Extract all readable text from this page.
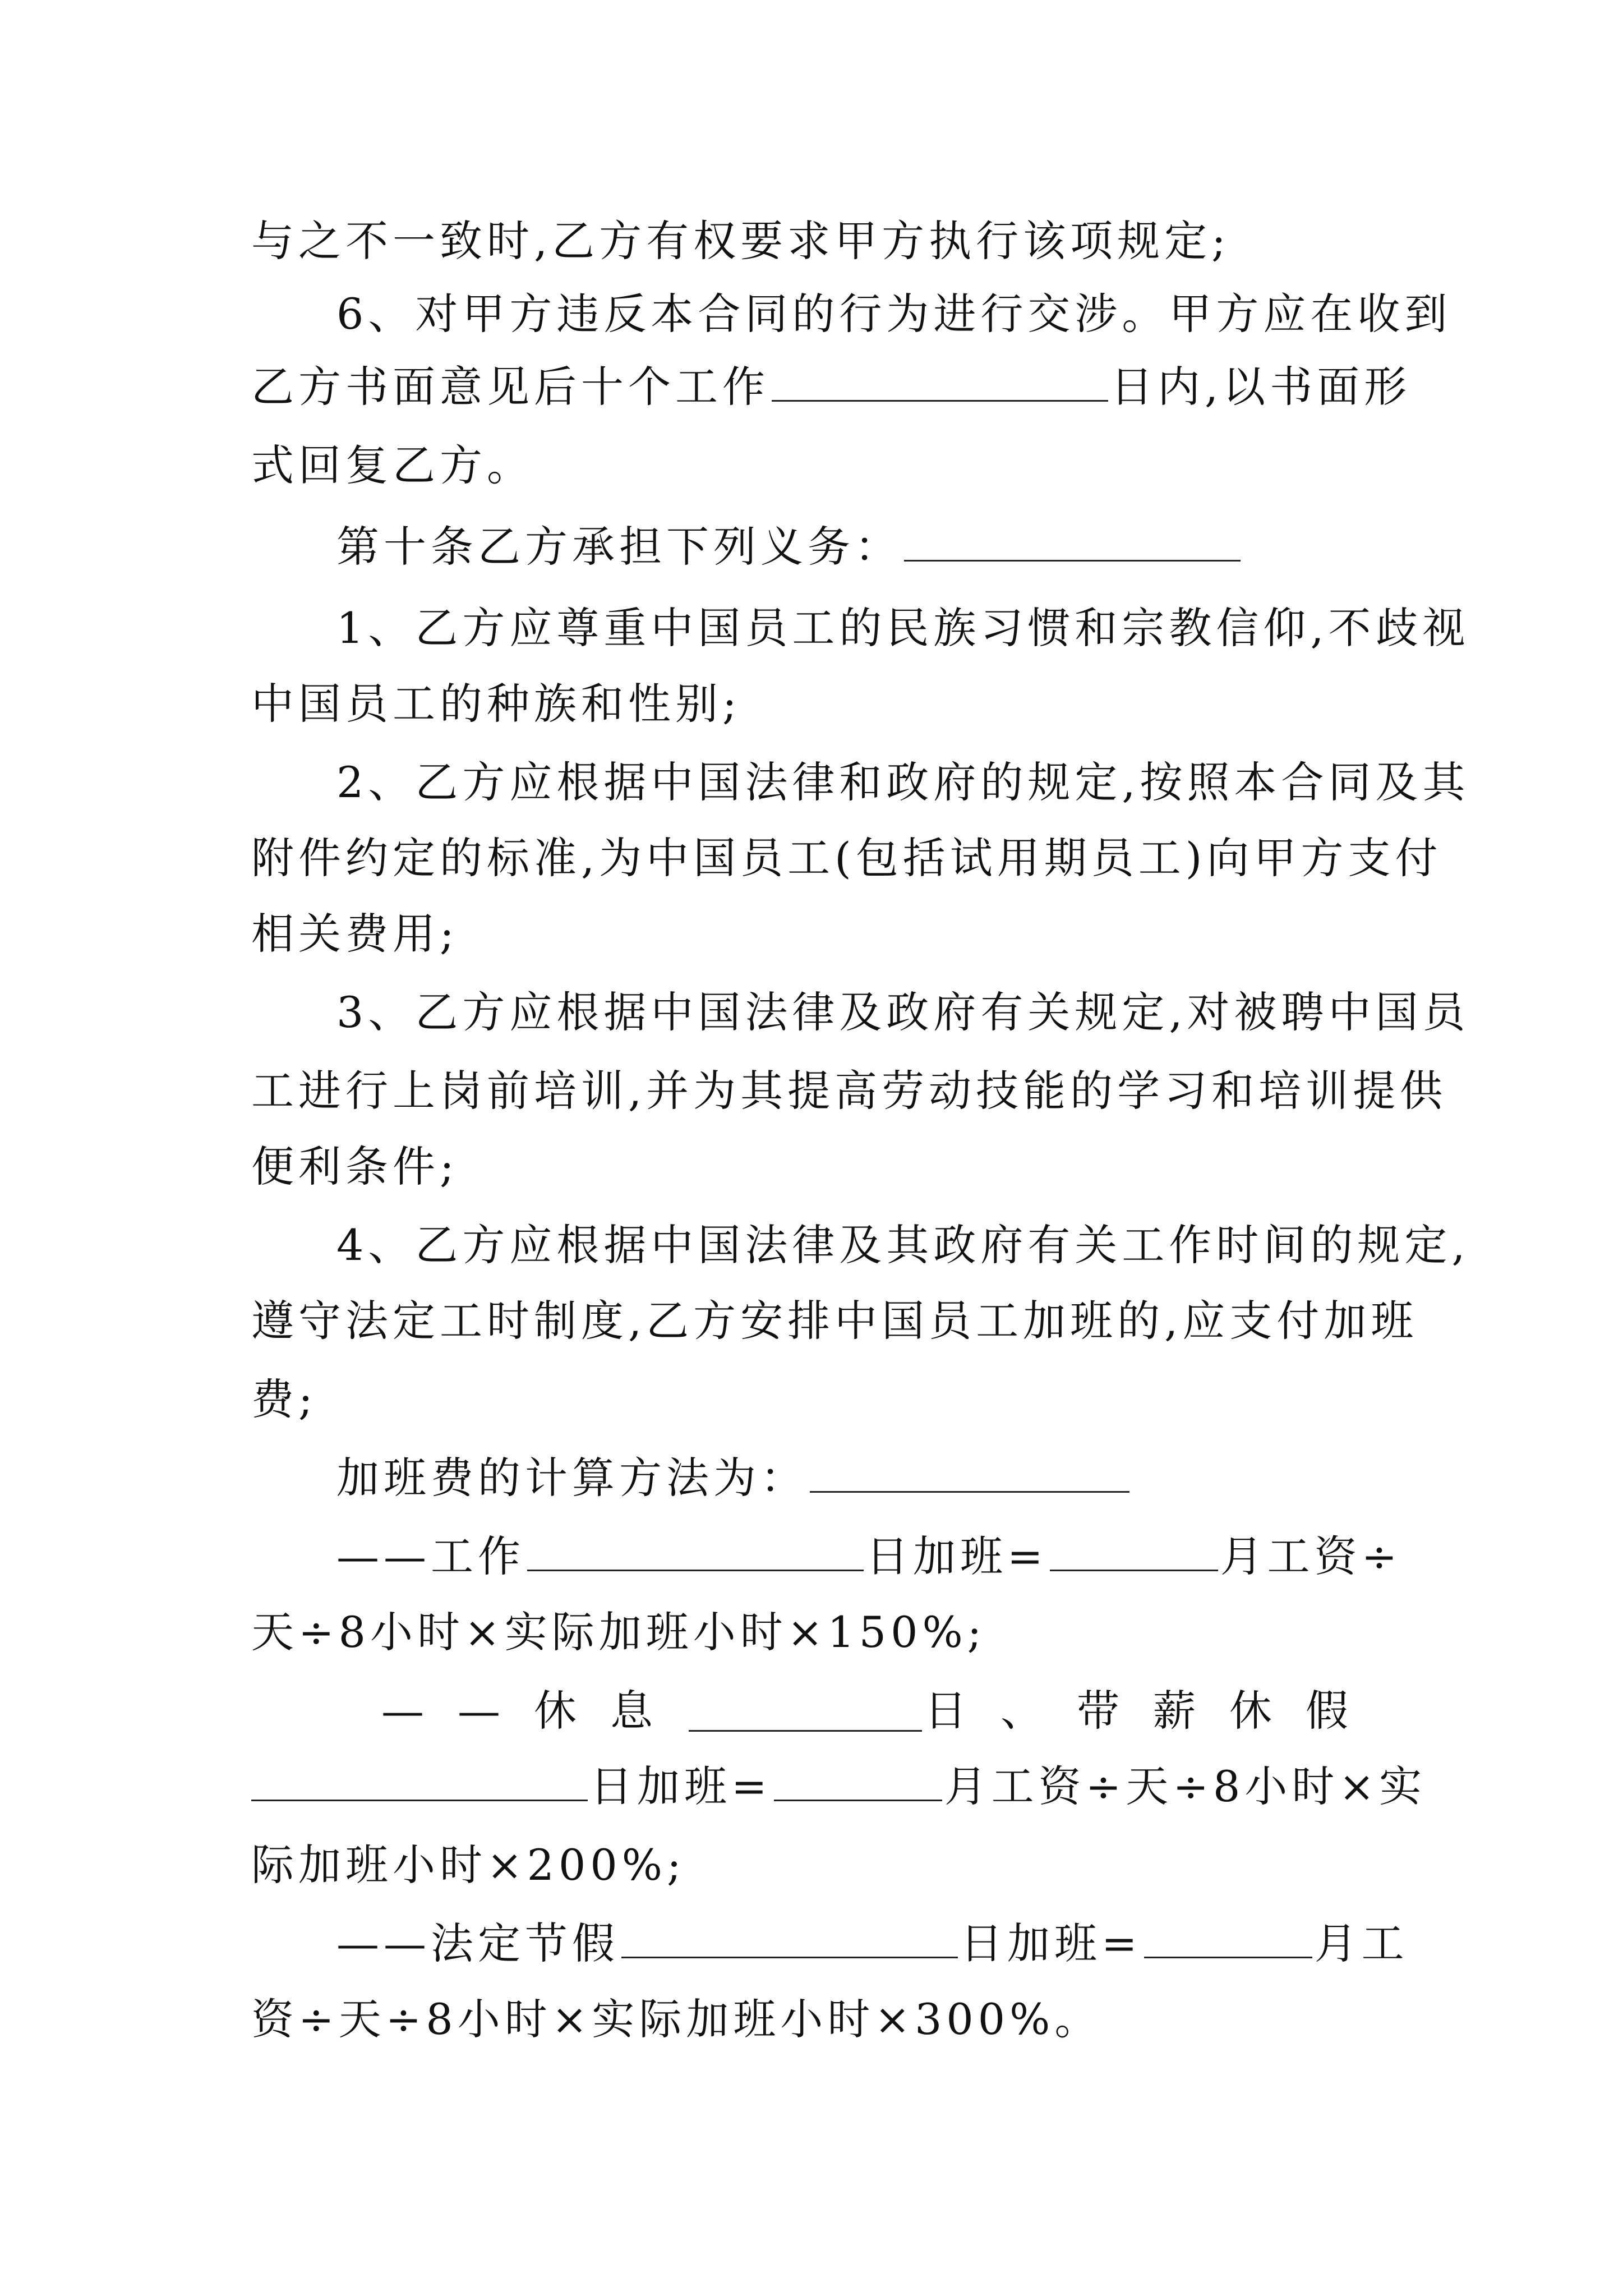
与之不一致时,乙方有权要求甲方执行该项规定;
6、对甲方违反本合同的行为进行交涉。甲方应在收到
乙方书面意见后十个工作	日内,以书面形
式回复乙方。
第十条乙方承担下列义务：
1、乙方应尊重中国员工的民族习惯和宗教信仰,不歧视
中国员工的种族和性别;
2、乙方应根据中国法律和政府的规定,按照本合同及其
附件约定的标准,为中国员工(包括试用期员工)向甲方支付
相关费用;
3、乙方应根据中国法律及政府有关规定,对被聘中国员
工进行上岗前培训,并为其提高劳动技能的学习和培训提供
便利条件;
4、乙方应根据中国法律及其政府有关工作时间的规定,
遵守法定工时制度,乙方安排中国员工加班的,应支付加班
费;
加班费的计算方法为：
——工作	日加班=	月工资÷
天÷8小时×实际加班小时×150%;
——休息	日、带薪休假
日加班=	月工资÷天÷8小时×实
际加班小时×200%;
——法定节假	日加班=	月工
资÷天÷8小时×实际加班小时×300%。
